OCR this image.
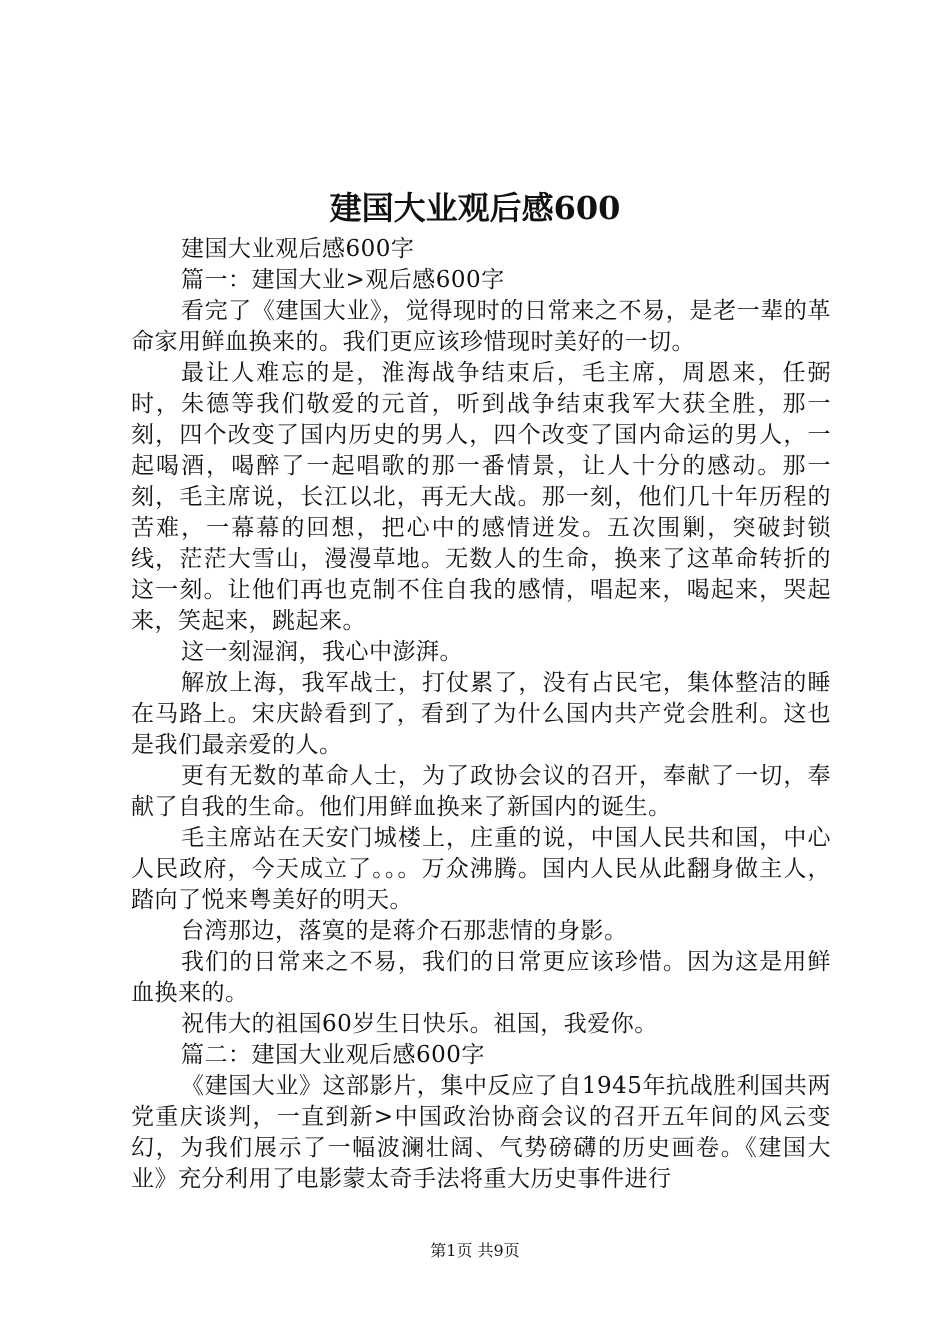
建国大业观后感600

建国大业观后感600字

篇一：建国大业>观后感600字

看完了《建国大业》，觉得现时的日常来之不易，是老一辈的革命家用鲜血换来的。我们更应该珍惜现时美好的一切。

最让人难忘的是，淮海战争结束后，毛主席，周恩来，任弼时，朱德等我们敬爱的元首，听到战争结束我军大获全胜，那一刻，四个改变了国内历史的男人，四个改变了国内命运的男人，一起喝酒，喝醉了一起唱歌的那一番情景，让人十分的感动。那一刻，毛主席说，长江以北，再无大战。那一刻，他们几十年历程的苦难，一幕幕的回想，把心中的感情迸发。五次围剿，突破封锁线，茫茫大雪山，漫漫草地。无数人的生命，换来了这革命转折的这一刻。让他们再也克制不住自我的感情，唱起来，喝起来，哭起来，笑起来，跳起来。

这一刻湿润，我心中澎湃。

解放上海，我军战士，打仗累了，没有占民宅，集体整洁的睡在马路上。宋庆龄看到了，看到了为什么国内共产党会胜利。这也是我们最亲爱的人。

更有无数的革命人士，为了政协会议的召开，奉献了一切，奉献了自我的生命。他们用鲜血换来了新国内的诞生。

毛主席站在天安门城楼上，庄重的说，中国人民共和国，中心人民政府，今天成立了。。。万众沸腾。国内人民从此翻身做主人，踏向了悦来粤美好的明天。

台湾那边，落寞的是蒋介石那悲情的身影。

我们的日常来之不易，我们的日常更应该珍惜。因为这是用鲜血换来的。

祝伟大的祖国60岁生日快乐。祖国，我爱你。

篇二：建国大业观后感600字

《建国大业》这部影片，集中反应了自1945年抗战胜利国共两党重庆谈判，一直到新>中国政治协商会议的召开五年间的风云变幻，为我们展示了一幅波澜壮阔、气势磅礴的历史画卷。《建国大业》充分利用了电影蒙太奇手法将重大历史事件进行

第1页 共9页
